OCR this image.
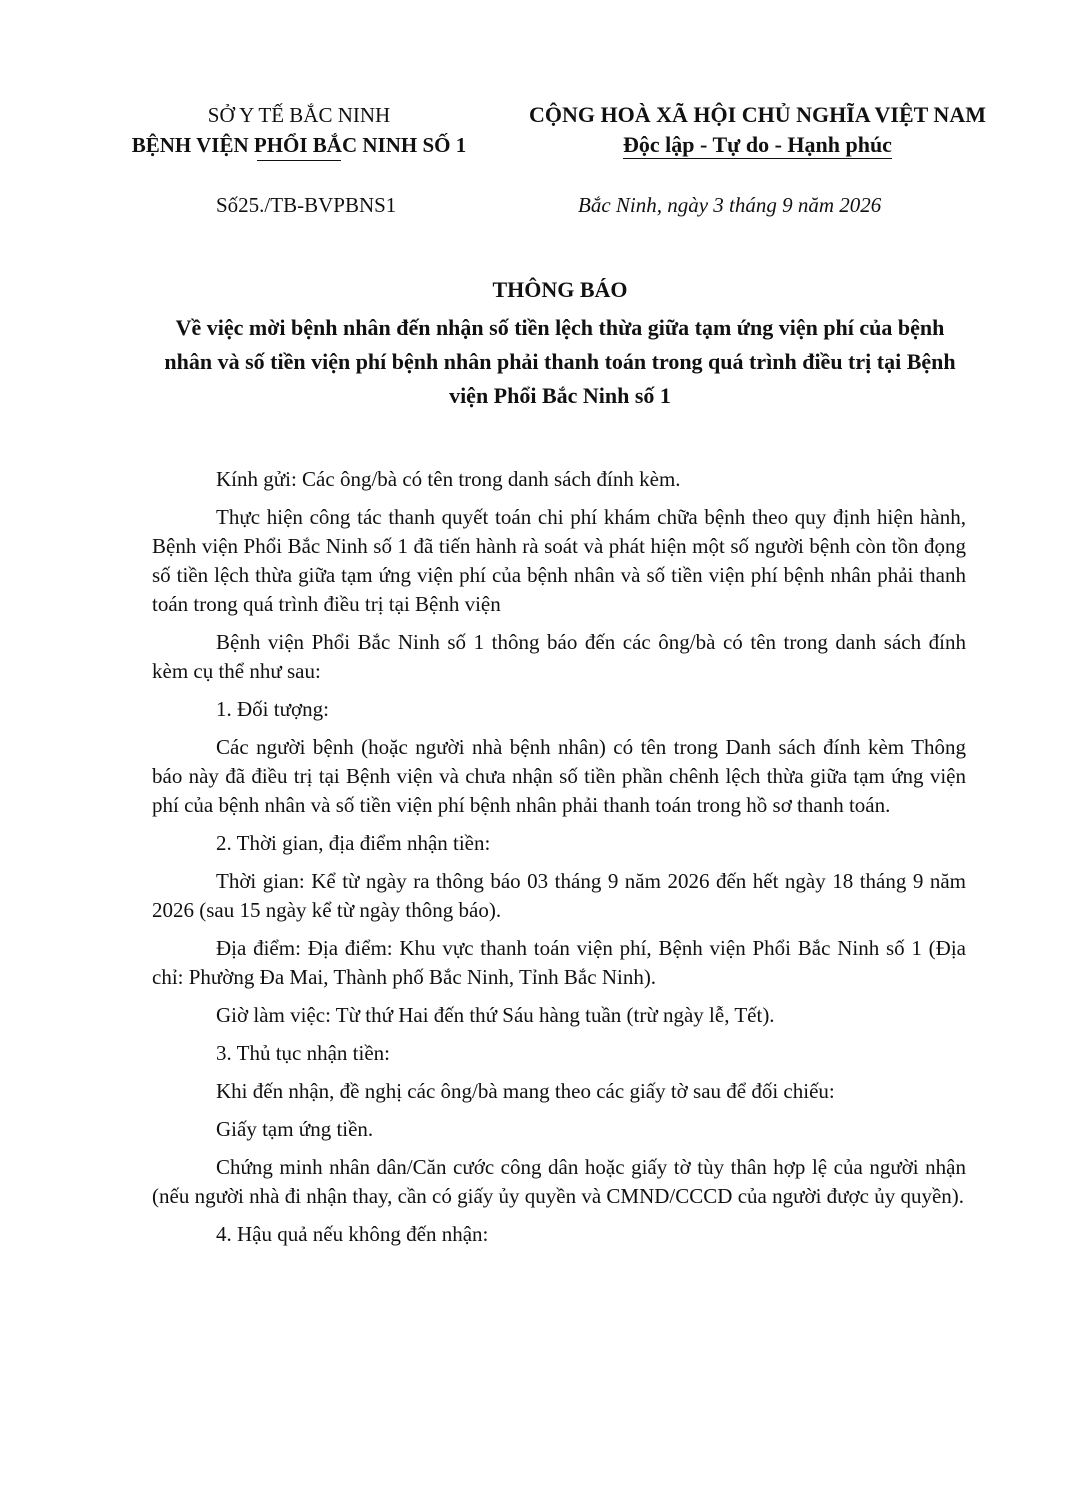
SỞ Y TẾ BẮC NINH
BỆNH VIỆN PHỔI BẮC NINH SỐ 1
CỘNG HOÀ XÃ HỘI CHỦ NGHĨA VIỆT NAM
Độc lập - Tự do - Hạnh phúc
Số25./TB-BVPBNS1	Bắc Ninh, ngày 3 tháng 9 năm 2026
THÔNG BÁO
Về việc mời bệnh nhân đến nhận số tiền lệch thừa giữa tạm ứng viện phí của bệnh nhân và số tiền viện phí bệnh nhân phải thanh toán trong quá trình điều trị tại Bệnh viện Phổi Bắc Ninh số 1

Kính gửi: Các ông/bà có tên trong danh sách đính kèm.

Thực hiện công tác thanh quyết toán chi phí khám chữa bệnh theo quy định hiện hành, Bệnh viện Phổi Bắc Ninh số 1 đã tiến hành rà soát và phát hiện một số người bệnh còn tồn đọng số tiền lệch thừa giữa tạm ứng viện phí của bệnh nhân và số tiền viện phí bệnh nhân phải thanh toán trong quá trình điều trị tại Bệnh viện

Bệnh viện Phổi Bắc Ninh số 1 thông báo đến các ông/bà có tên trong danh sách đính kèm cụ thể như sau:

1. Đối tượng:

Các người bệnh (hoặc người nhà bệnh nhân) có tên trong Danh sách đính kèm Thông báo này đã điều trị tại Bệnh viện và chưa nhận số tiền phần chênh lệch thừa giữa tạm ứng viện phí của bệnh nhân và số tiền viện phí bệnh nhân phải thanh toán trong hồ sơ thanh toán.

2. Thời gian, địa điểm nhận tiền:

Thời gian: Kể từ ngày ra thông báo 03 tháng 9 năm 2026 đến hết ngày 18 tháng 9 năm 2026 (sau 15 ngày kể từ ngày thông báo).

Địa điểm: Địa điểm: Khu vực thanh toán viện phí, Bệnh viện Phổi Bắc Ninh số 1 (Địa chỉ: Phường Đa Mai, Thành phố Bắc Ninh, Tỉnh Bắc Ninh).

Giờ làm việc: Từ thứ Hai đến thứ Sáu hàng tuần (trừ ngày lễ, Tết).

3. Thủ tục nhận tiền:

Khi đến nhận, đề nghị các ông/bà mang theo các giấy tờ sau để đối chiếu:

Giấy tạm ứng tiền.

Chứng minh nhân dân/Căn cước công dân hoặc giấy tờ tùy thân hợp lệ của người nhận (nếu người nhà đi nhận thay, cần có giấy ủy quyền và CMND/CCCD của người được ủy quyền).

4. Hậu quả nếu không đến nhận:
